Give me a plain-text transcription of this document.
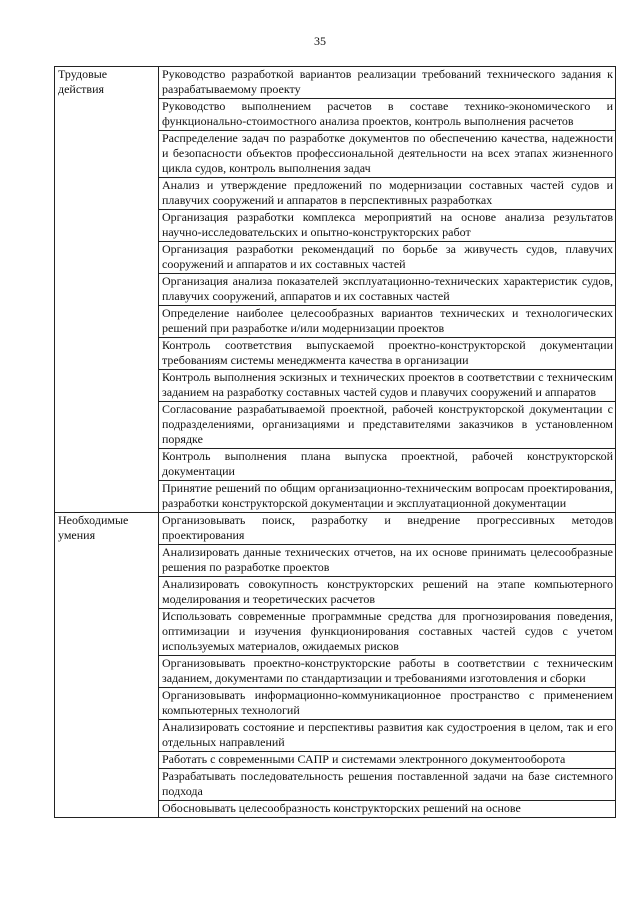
35
Трудовые действия	Руководство разработкой вариантов реализации требований технического задания к разрабатываемому проекту
	Руководство выполнением расчетов в составе технико-экономического и функционально-стоимостного анализа проектов, контроль выполнения расчетов
	Распределение задач по разработке документов по обеспечению качества, надежности и безопасности объектов профессиональной деятельности на всех этапах жизненного цикла судов, контроль выполнения задач
	Анализ и утверждение предложений по модернизации составных частей судов и плавучих сооружений и аппаратов в перспективных разработках
	Организация разработки комплекса мероприятий на основе анализа результатов научно-исследовательских и опытно-конструкторских работ
	Организация разработки рекомендаций по борьбе за живучесть судов, плавучих сооружений и аппаратов и их составных частей
	Организация анализа показателей эксплуатационно-технических характеристик судов, плавучих сооружений, аппаратов и их составных частей
	Определение наиболее целесообразных вариантов технических и технологических решений при разработке и/или модернизации проектов
	Контроль соответствия выпускаемой проектно-конструкторской документации требованиям системы менеджмента качества в организации
	Контроль выполнения эскизных и технических проектов в соответствии с техническим заданием на разработку составных частей судов и плавучих сооружений и аппаратов
	Согласование разрабатываемой проектной, рабочей конструкторской документации с подразделениями, организациями и представителями заказчиков в установленном порядке
	Контроль выполнения плана выпуска проектной, рабочей конструкторской документации
	Принятие решений по общим организационно-техническим вопросам проектирования, разработки конструкторской документации и эксплуатационной документации
Необходимые умения	Организовывать поиск, разработку и внедрение прогрессивных методов проектирования
	Анализировать данные технических отчетов, на их основе принимать целесообразные решения по разработке проектов
	Анализировать совокупность конструкторских решений на этапе компьютерного моделирования и теоретических расчетов
	Использовать современные программные средства для прогнозирования поведения, оптимизации и изучения функционирования составных частей судов с учетом используемых материалов, ожидаемых рисков
	Организовывать проектно-конструкторские работы в соответствии с техническим заданием, документами по стандартизации и требованиями изготовления и сборки
	Организовывать информационно-коммуникационное пространство с применением компьютерных технологий
	Анализировать состояние и перспективы развития как судостроения в целом, так и его отдельных направлений
	Работать с современными САПР и системами электронного документооборота
	Разрабатывать последовательность решения поставленной задачи на базе системного подхода
	Обосновывать целесообразность конструкторских решений на основе
